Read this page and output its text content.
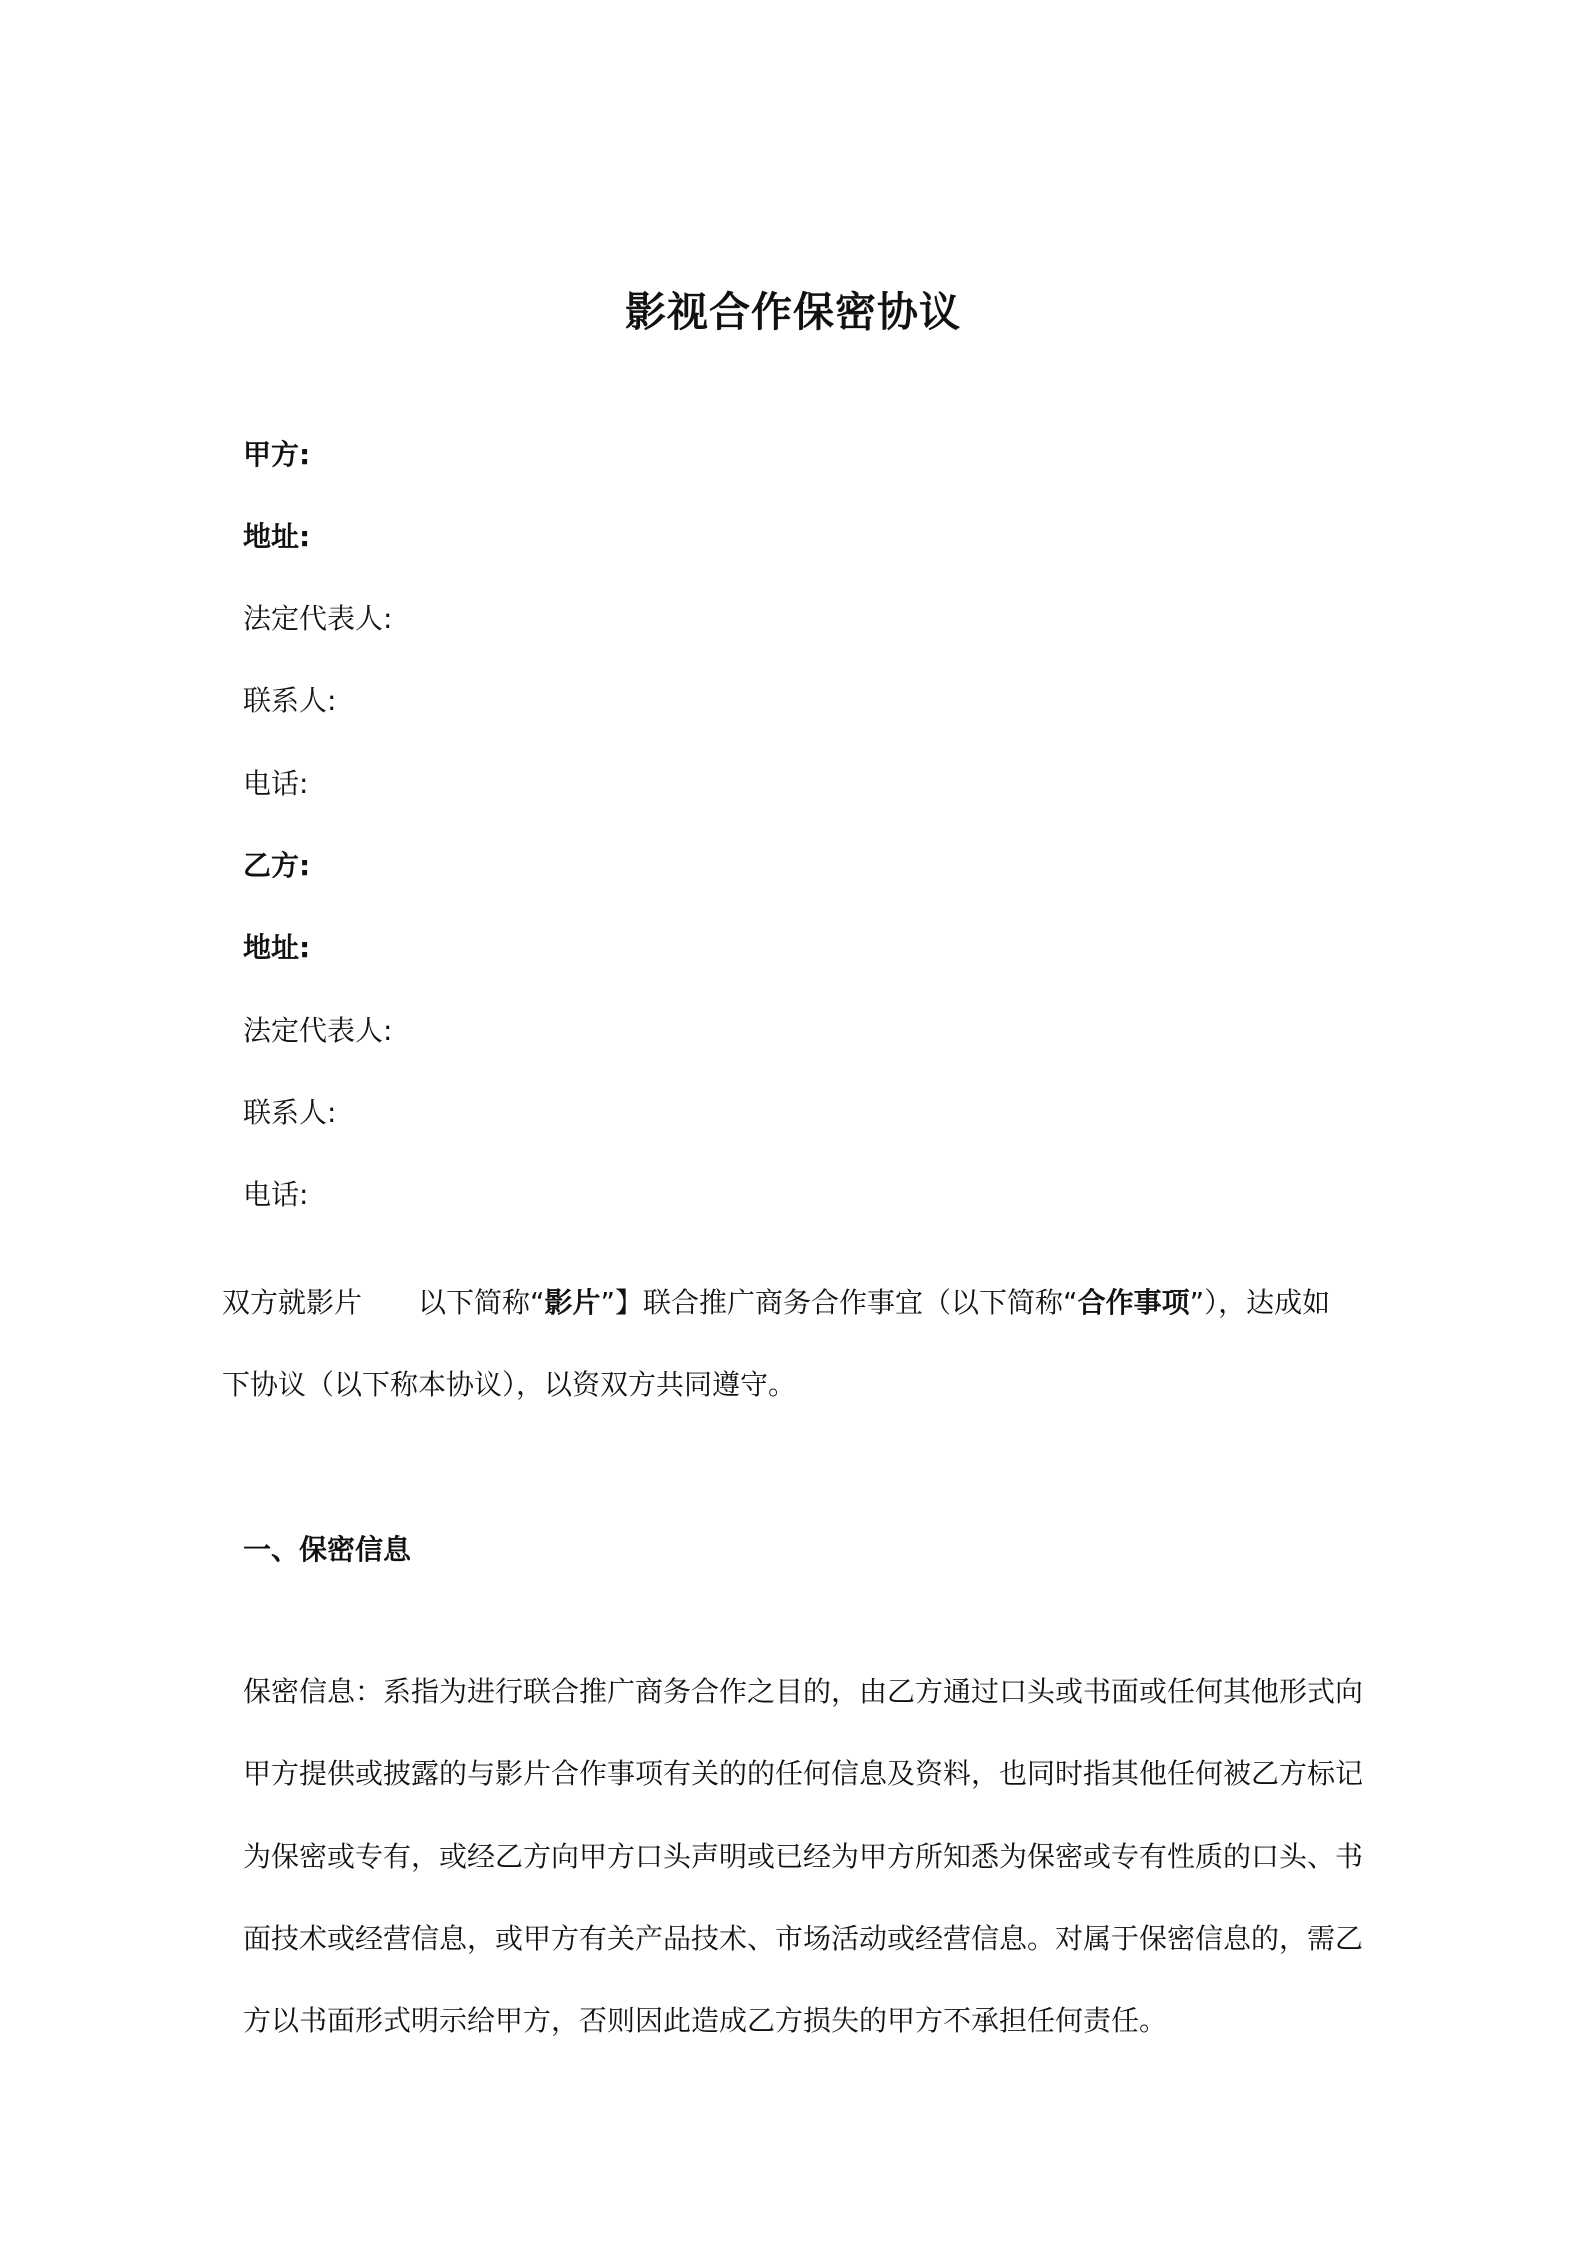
影视合作保密协议
甲方:
地址:
法定代表人:
联系人:
电话:
乙方:
地址:
法定代表人:
联系人:
电话:
双方就影片 以下简称“影片”】联合推广商务合作事宜（以下简称“合作事项”），达成如
下协议（以下称本协议），以资双方共同遵守。
一、保密信息
保密信息：系指为进行联合推广商务合作之目的，由乙方通过口头或书面或任何其他形式向
甲方提供或披露的与影片合作事项有关的的任何信息及资料，也同时指其他任何被乙方标记
为保密或专有，或经乙方向甲方口头声明或已经为甲方所知悉为保密或专有性质的口头、书
面技术或经营信息，或甲方有关产品技术、市场活动或经营信息。对属于保密信息的，需乙
方以书面形式明示给甲方，否则因此造成乙方损失的甲方不承担任何责任。
